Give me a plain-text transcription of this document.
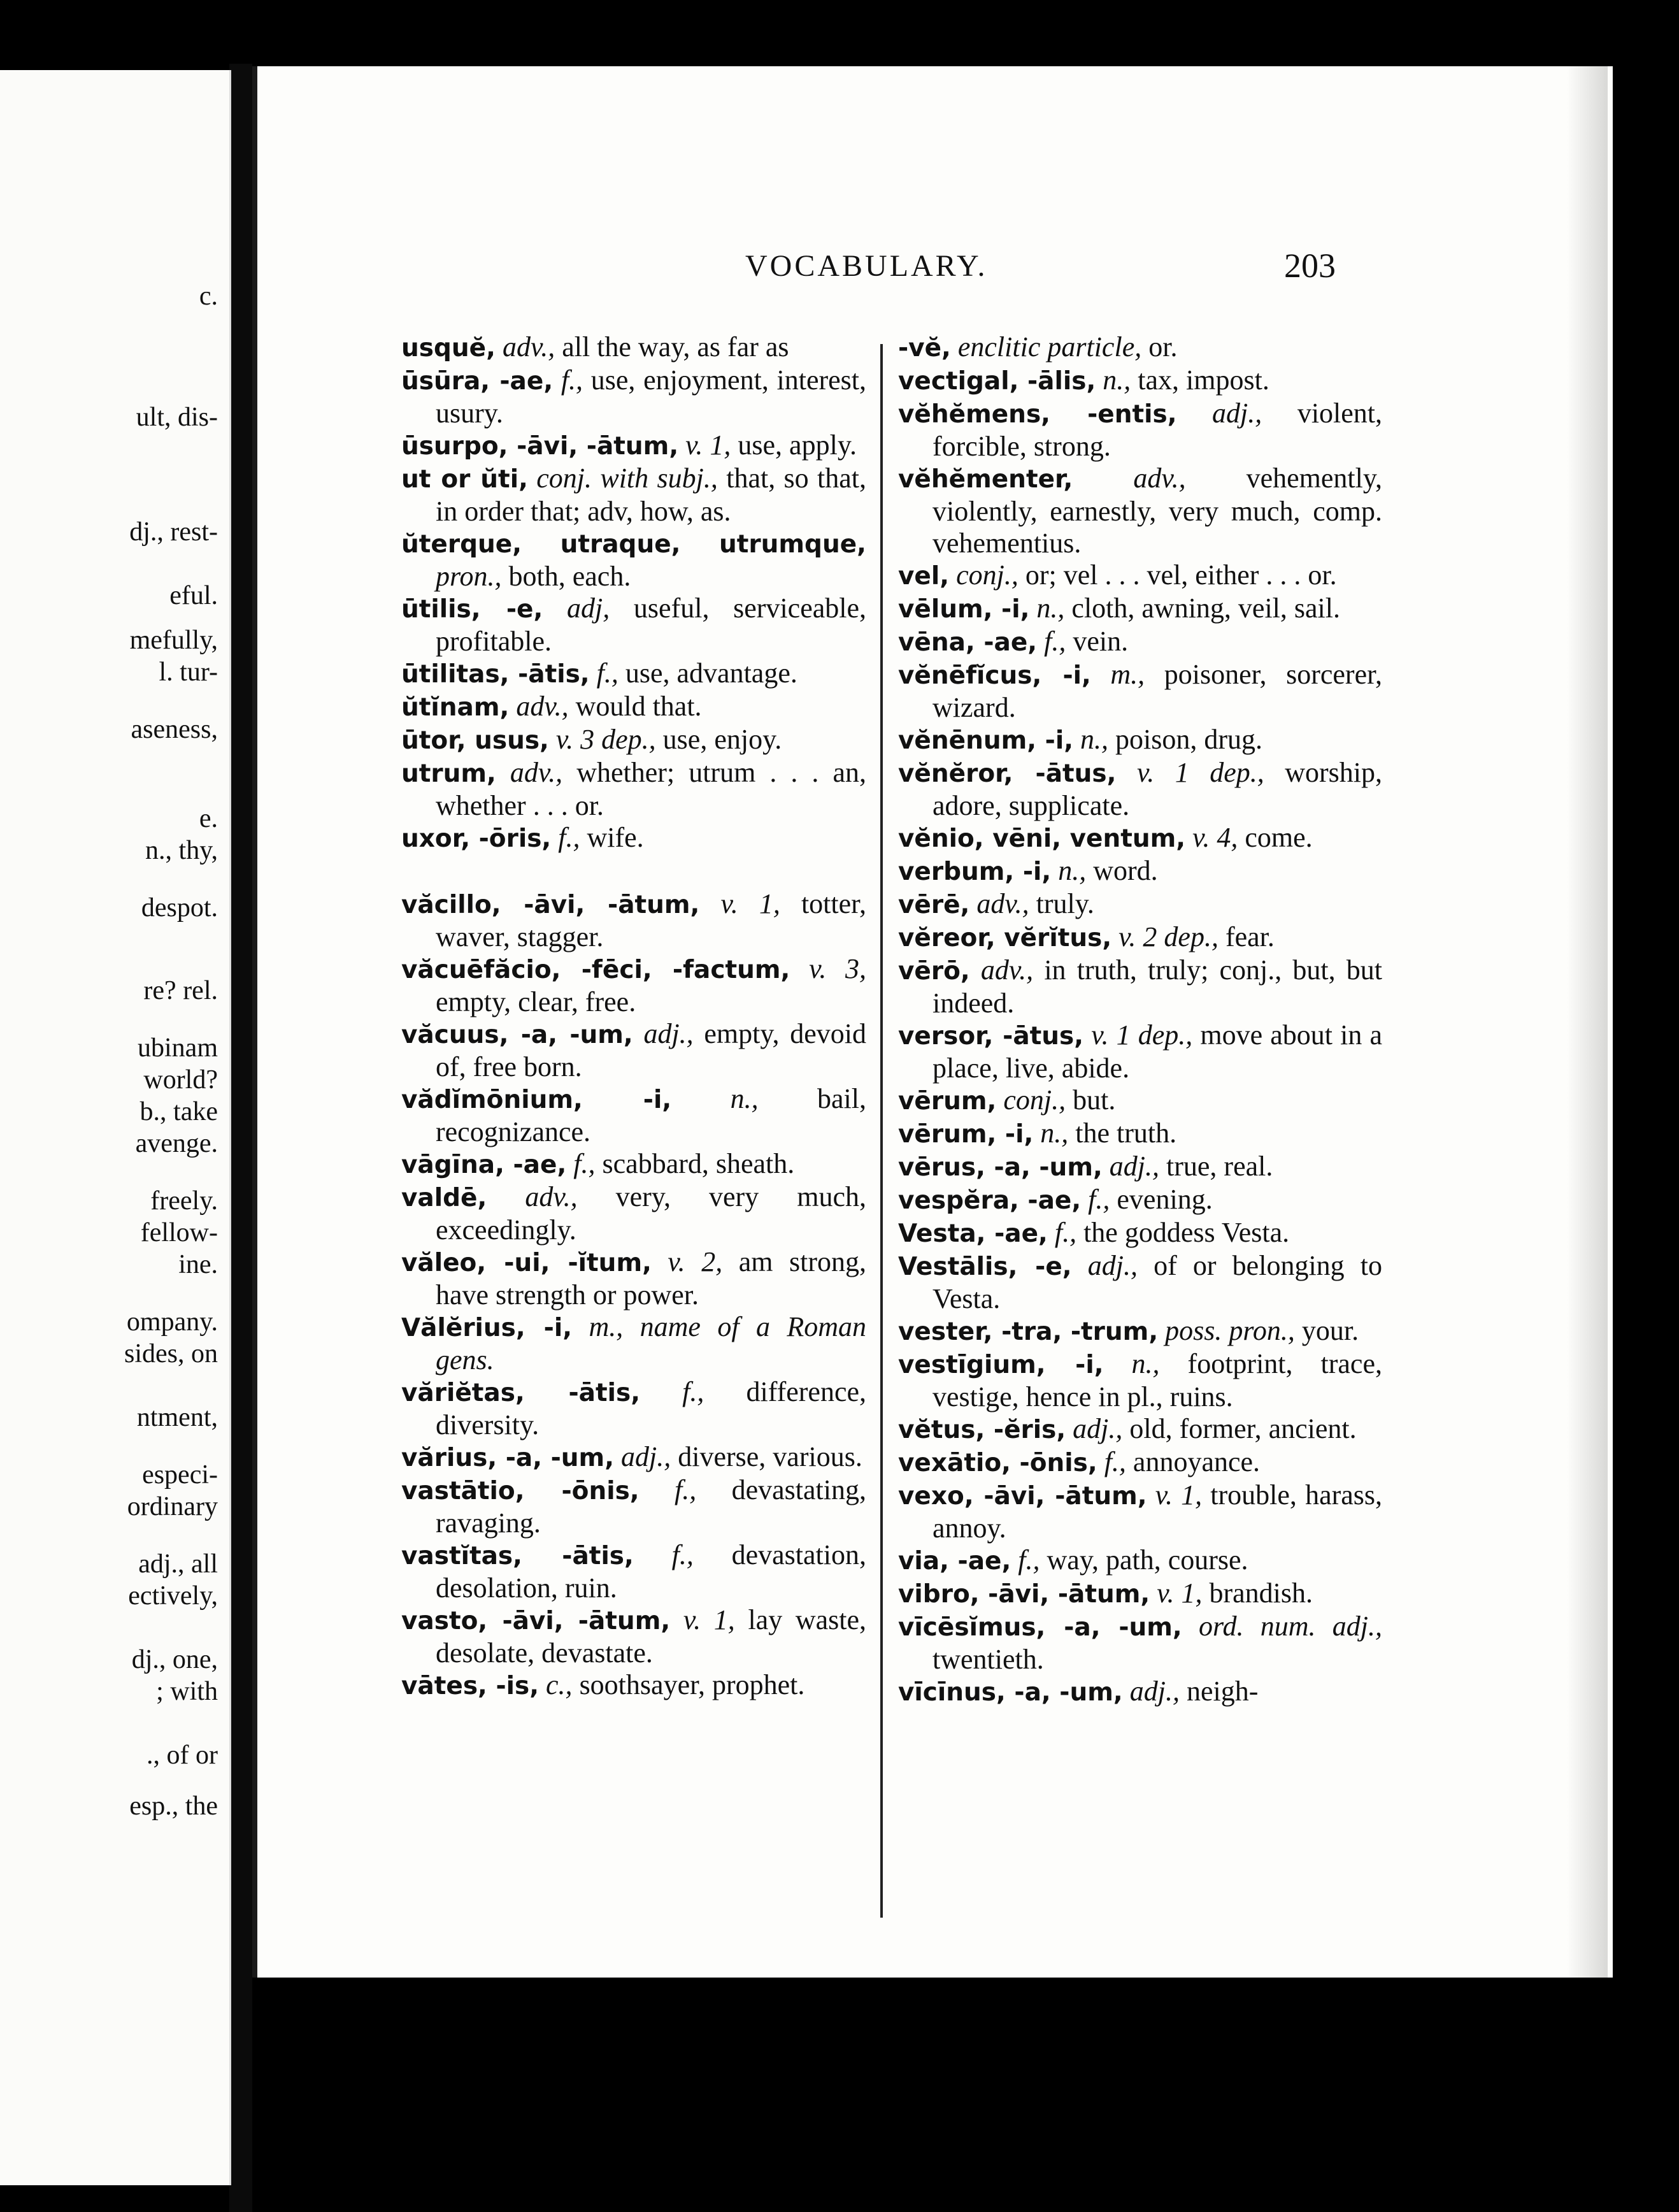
c.
ult, dis-
dj., rest-
eful.
mefully,
l. tur-
aseness,
e.
n., thy,
despot.
re? rel.
ubinam
world?
b., take
avenge.
freely.
fellow-
ine.
ompany.
sides, on
ntment,
especi-
ordinary
adj., all
ectively,
dj., one,
; with
., of or
esp., the
VOCABULARY.	203

usquĕ, adv., all the way, as far as

ūsūra, -ae, f., use, enjoyment, interest, usury.

ūsurpo, -āvi, -ātum, v. 1, use, apply.

ut or ŭti, conj. with subj., that, so that, in order that; adv, how, as.

ŭterque, utraque, utrumque, pron., both, each.

ūtilis, -e, adj, useful, serviceable, profitable.

ūtilitas, -ātis, f., use, advantage.

ŭtĭnam, adv., would that.

ūtor, usus, v. 3 dep., use, enjoy.

utrum, adv., whether; utrum . . . an, whether . . . or.

uxor, -ōris, f., wife.

văcillo, -āvi, -ātum, v. 1, totter, waver, stagger.

văcuēfăcio, -fēci, -factum, v. 3, empty, clear, free.

văcuus, -a, -um, adj., empty, devoid of, free born.

vădĭmōnium, -i, n., bail, recognizance.

vāgīna, -ae, f., scabbard, sheath.

valdē, adv., very, very much, exceedingly.

văleo, -ui, -ĭtum, v. 2, am strong, have strength or power.

Vălĕrius, -i, m., name of a Roman gens.

văriĕtas, -ātis, f., difference, diversity.

vărius, -a, -um, adj., diverse, various.

vastātio, -ōnis, f., devastating, ravaging.

vastĭtas, -ātis, f., devastation, desolation, ruin.

vasto, -āvi, -ātum, v. 1, lay waste, desolate, devastate.

vātes, -is, c., soothsayer, prophet.

-vĕ, enclitic particle, or.

vectigal, -ālis, n., tax, impost.

vĕhĕmens, -entis, adj., violent, forcible, strong.

vĕhĕmenter, adv., vehemently, violently, earnestly, very much, comp. vehementius.

vel, conj., or; vel . . . vel, either . . . or.

vēlum, -i, n., cloth, awning, veil, sail.

vēna, -ae, f., vein.

vĕnēfĭcus, -i, m., poisoner, sorcerer, wizard.

vĕnēnum, -i, n., poison, drug.

vĕnĕror, -ātus, v. 1 dep., worship, adore, supplicate.

vĕnio, vēni, ventum, v. 4, come.

verbum, -i, n., word.

vērē, adv., truly.

vĕreor, vĕrĭtus, v. 2 dep., fear.

vērō, adv., in truth, truly; conj., but, but indeed.

versor, -ātus, v. 1 dep., move about in a place, live, abide.

vērum, conj., but.

vērum, -i, n., the truth.

vērus, -a, -um, adj., true, real.

vespĕra, -ae, f., evening.

Vesta, -ae, f., the goddess Vesta.

Vestālis, -e, adj., of or belonging to Vesta.

vester, -tra, -trum, poss. pron., your.

vestīgium, -i, n., footprint, trace, vestige, hence in pl., ruins.

vĕtus, -ĕris, adj., old, former, ancient.

vexātio, -ōnis, f., annoyance.

vexo, -āvi, -ātum, v. 1, trouble, harass, annoy.

via, -ae, f., way, path, course.

vibro, -āvi, -ātum, v. 1, brandish.

vīcēsĭmus, -a, -um, ord. num. adj., twentieth.

vīcīnus, -a, -um, adj., neigh-
